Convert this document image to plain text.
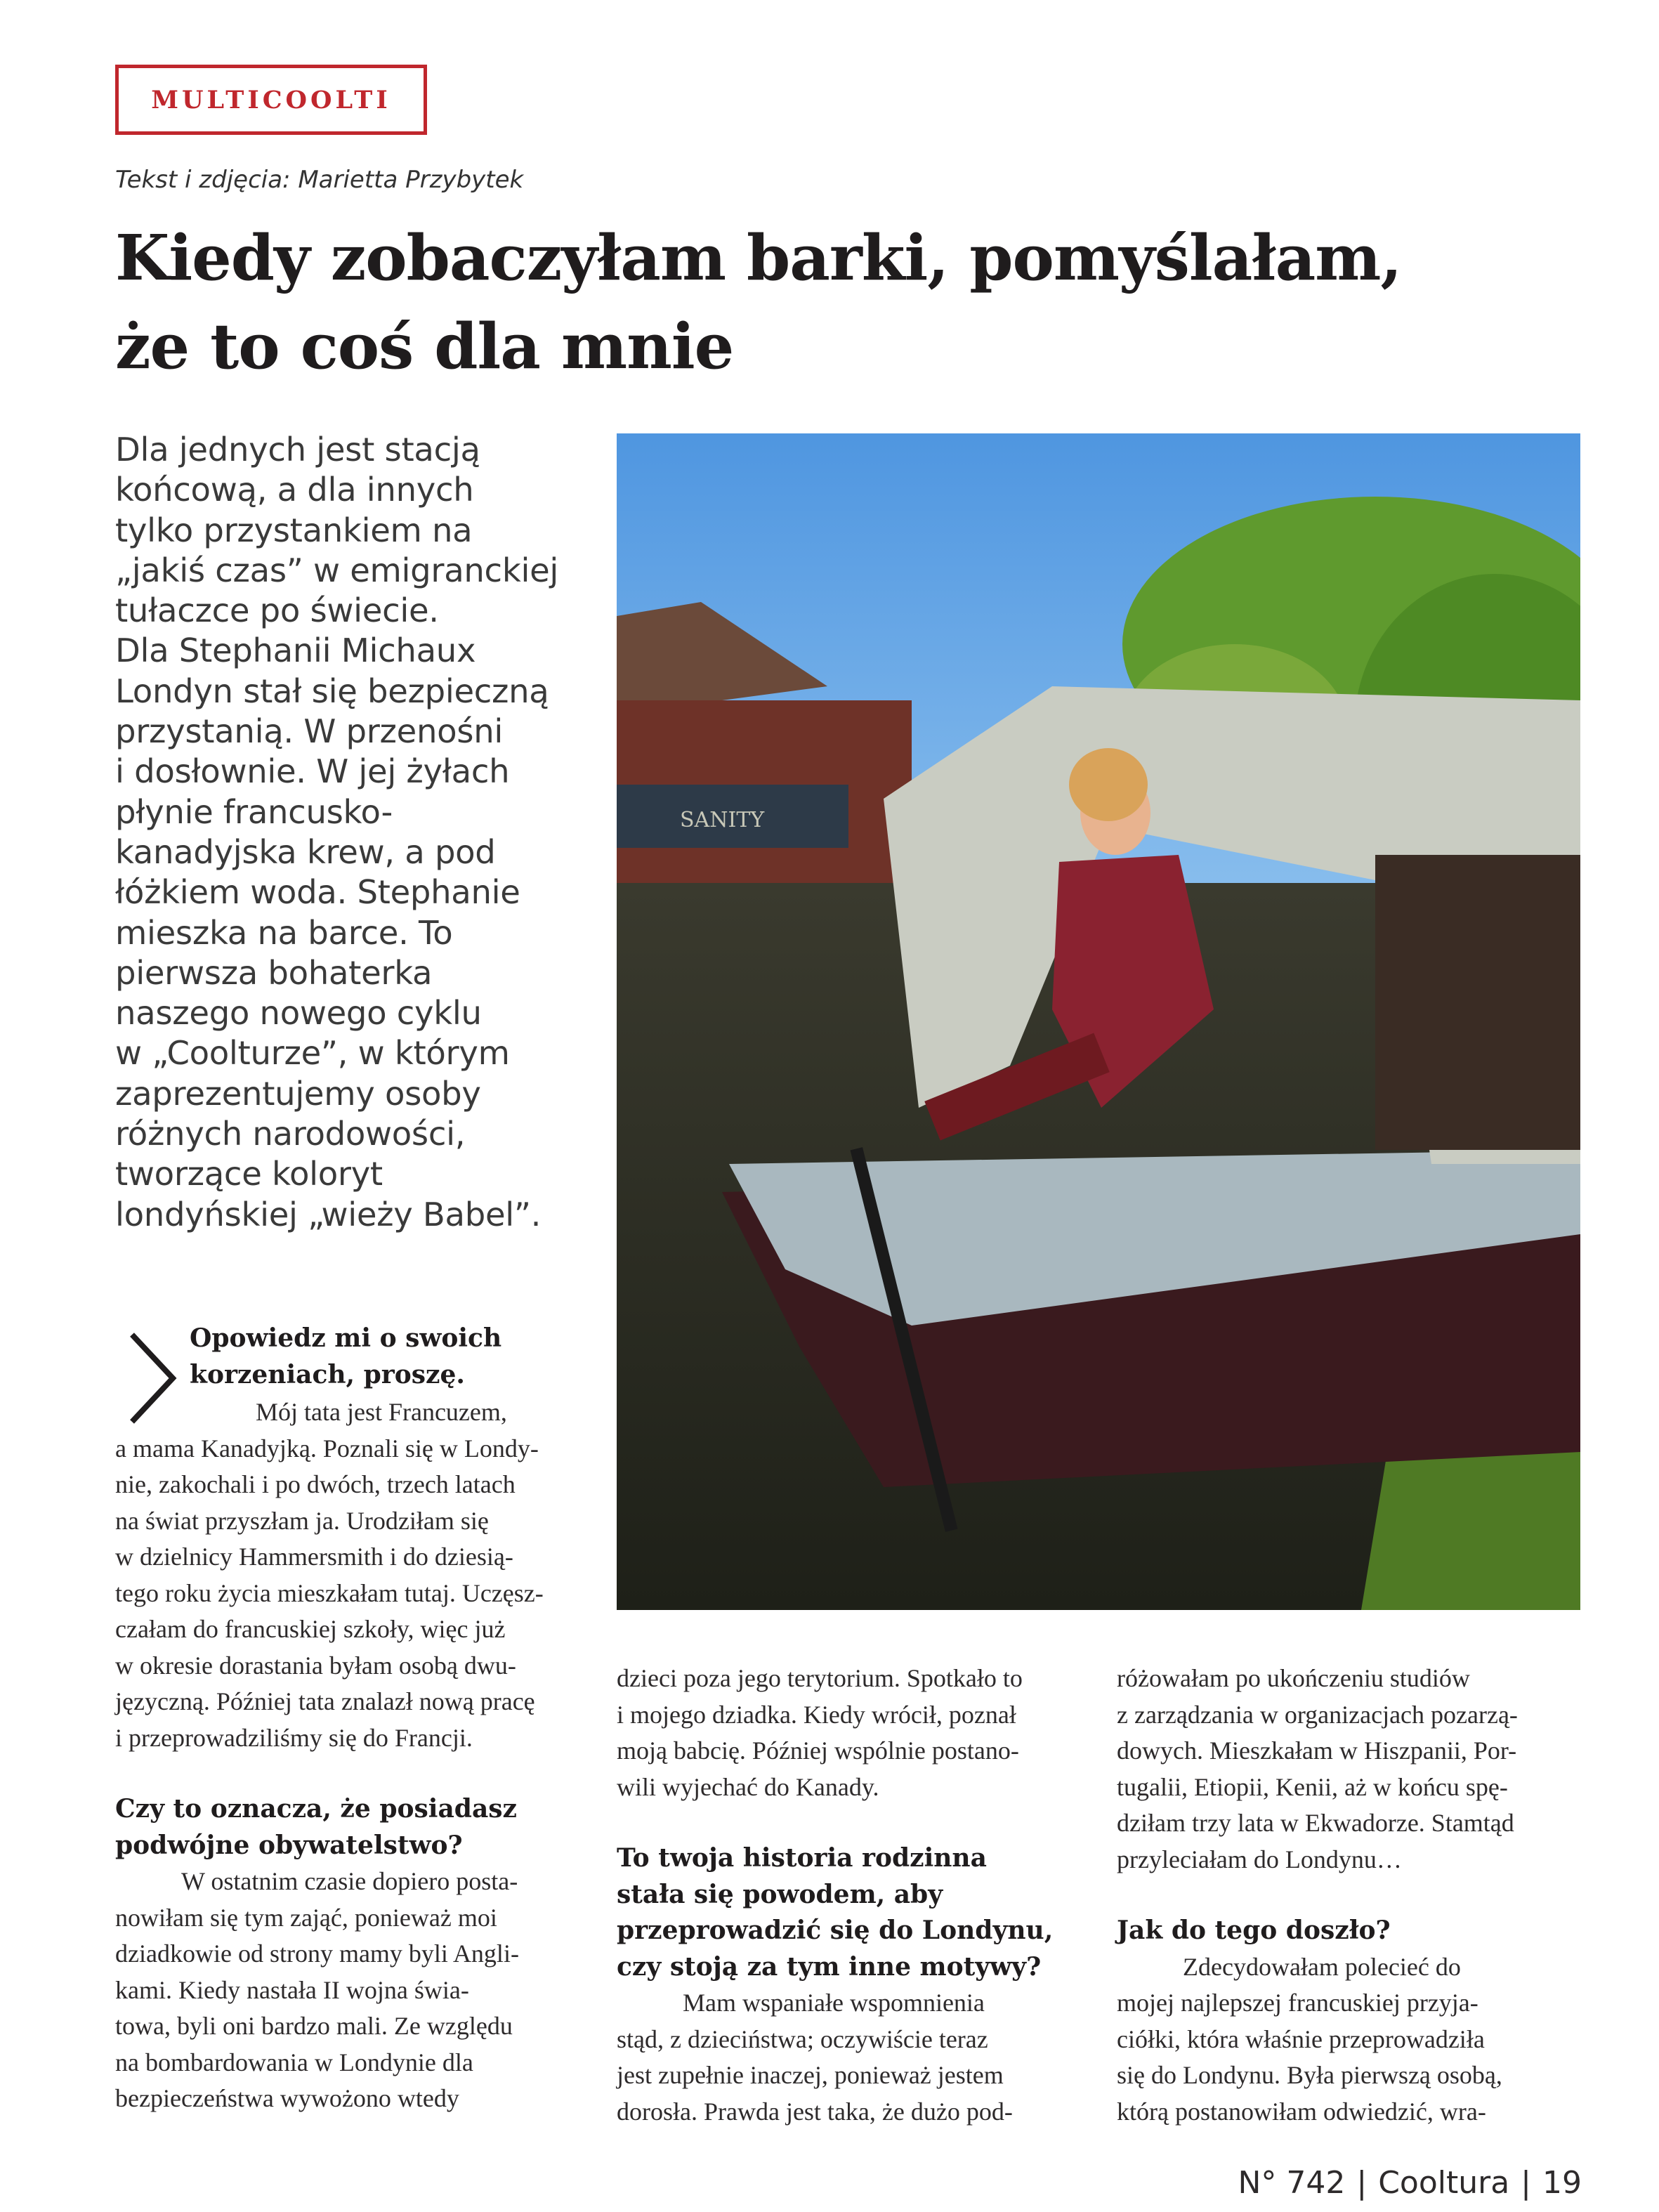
MULTICOOLTI
Tekst i zdjęcia: Marietta Przybytek
Kiedy zobaczyłam barki, pomyślałam,
że to coś dla mnie
Dla jednych jest stacją
końcową, a dla innych
tylko przystankiem na
„jakiś czas” w emigranckiej
tułaczce po świecie.
Dla Stephanii Michaux
Londyn stał się bezpieczną
przystanią. W przenośni
i dosłownie. W jej żyłach
płynie francusko-
kanadyjska krew, a pod
łóżkiem woda. Stephanie
mieszka na barce. To
pierwsza bohaterka
naszego nowego cyklu
w „Coolturze”, w którym
zaprezentujemy osoby
różnych narodowości,
tworzące koloryt
londyńskiej „wieży Babel”.
SANITY
Opowiedz mi o swoich
korzeniach, proszę.
Mój tata jest Francuzem,
a mama Kanadyjką. Poznali się w Londy-
nie, zakochali i po dwóch, trzech latach
na świat przyszłam ja. Urodziłam się
w dzielnicy Hammersmith i do dziesią-
tego roku życia mieszkałam tutaj. Uczęsz-
czałam do francuskiej szkoły, więc już
w okresie dorastania byłam osobą dwu-
języczną. Później tata znalazł nową pracę
i przeprowadziliśmy się do Francji.
Czy to oznacza, że posiadasz
podwójne obywatelstwo?
W ostatnim czasie dopiero posta-
nowiłam się tym zająć, ponieważ moi
dziadkowie od strony mamy byli Angli-
kami. Kiedy nastała II wojna świa-
towa, byli oni bardzo mali. Ze względu
na bombardowania w Londynie dla
bezpieczeństwa wywożono wtedy
dzieci poza jego terytorium. Spotkało to
i mojego dziadka. Kiedy wrócił, poznał
moją babcię. Później wspólnie postano-
wili wyjechać do Kanady.
To twoja historia rodzinna
stała się powodem, aby
przeprowadzić się do Londynu,
czy stoją za tym inne motywy?
Mam wspaniałe wspomnienia
stąd, z dzieciństwa; oczywiście teraz
jest zupełnie inaczej, ponieważ jestem
dorosła. Prawda jest taka, że dużo pod-
różowałam po ukończeniu studiów
z zarządzania w organizacjach pozarzą-
dowych. Mieszkałam w Hiszpanii, Por-
tugalii, Etiopii, Kenii, aż w końcu spę-
dziłam trzy lata w Ekwadorze. Stamtąd
przyleciałam do Londynu…
Jak do tego doszło?
Zdecydowałam polecieć do
mojej najlepszej francuskiej przyja-
ciółki, która właśnie przeprowadziła
się do Londynu. Była pierwszą osobą,
którą postanowiłam odwiedzić, wra-
N° 742 | Cooltura | 19
